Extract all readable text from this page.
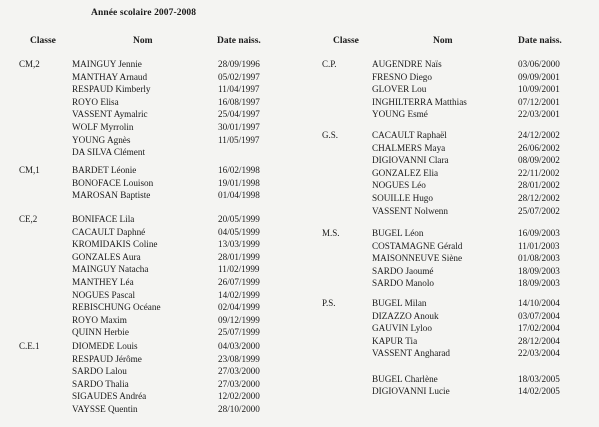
Année scolaire 2007-2008
Classe	Nom	Date naiss.	Classe	Nom	Date naiss.
CM,2	MAINGUY Jennie	28/09/1996
MANTHAY Arnaud	05/02/1997
RESPAUD Kimberly	11/04/1997
ROYO Elisa	16/08/1997
VASSENT Aymalric	25/04/1997
WOLF Myrrolin	30/01/1997
YOUNG Agnès	11/05/1997
DA SILVA Clément
CM,1	BARDET Léonie	16/02/1998
BONOFACE Louison	19/01/1998
MAROSAN Baptiste	01/04/1998
CE,2	BONIFACE Lila	20/05/1999
CACAULT Daphné	04/05/1999
KROMIDAKIS Coline	13/03/1999
GONZALES Aura	28/01/1999
MAINGUY Natacha	11/02/1999
MANTHEY Léa	26/07/1999
NOGUES Pascal	14/02/1999
REBISCHUNG Océane	02/04/1999
ROYO Maxim	09/12/1999
QUINN Herbie	25/07/1999
C.E.1	DIOMEDE Louis	04/03/2000
RESPAUD Jérôme	23/08/1999
SARDO Lalou	27/03/2000
SARDO Thalia	27/03/2000
SIGAUDES Andréa	12/02/2000
VAYSSE Quentin	28/10/2000
C.P.	AUGENDRE Naïs	03/06/2000
FRESNO Diego	09/09/2001
GLOVER Lou	10/09/2001
INGHILTERRA Matthias	07/12/2001
YOUNG Esmé	22/03/2001
G.S.	CACAULT Raphaël	24/12/2002
CHALMERS Maya	26/06/2002
DIGIOVANNI Clara	08/09/2002
GONZALEZ Elia	22/11/2002
NOGUES Léo	28/01/2002
SOUILLE Hugo	28/12/2002
VASSENT Nolwenn	25/07/2002
M.S.	BUGEL Léon	16/09/2003
COSTAMAGNE Gérald	11/01/2003
MAISONNEUVE Siène	01/08/2003
SARDO Jaoumé	18/09/2003
SARDO Manolo	18/09/2003
P.S.	BUGEL Milan	14/10/2004
DIZAZZO Anouk	03/07/2004
GAUVIN Lyloo	17/02/2004
KAPUR Tia	28/12/2004
VASSENT Angharad	22/03/2004
BUGEL Charlène	18/03/2005
DIGIOVANNI Lucie	14/02/2005
